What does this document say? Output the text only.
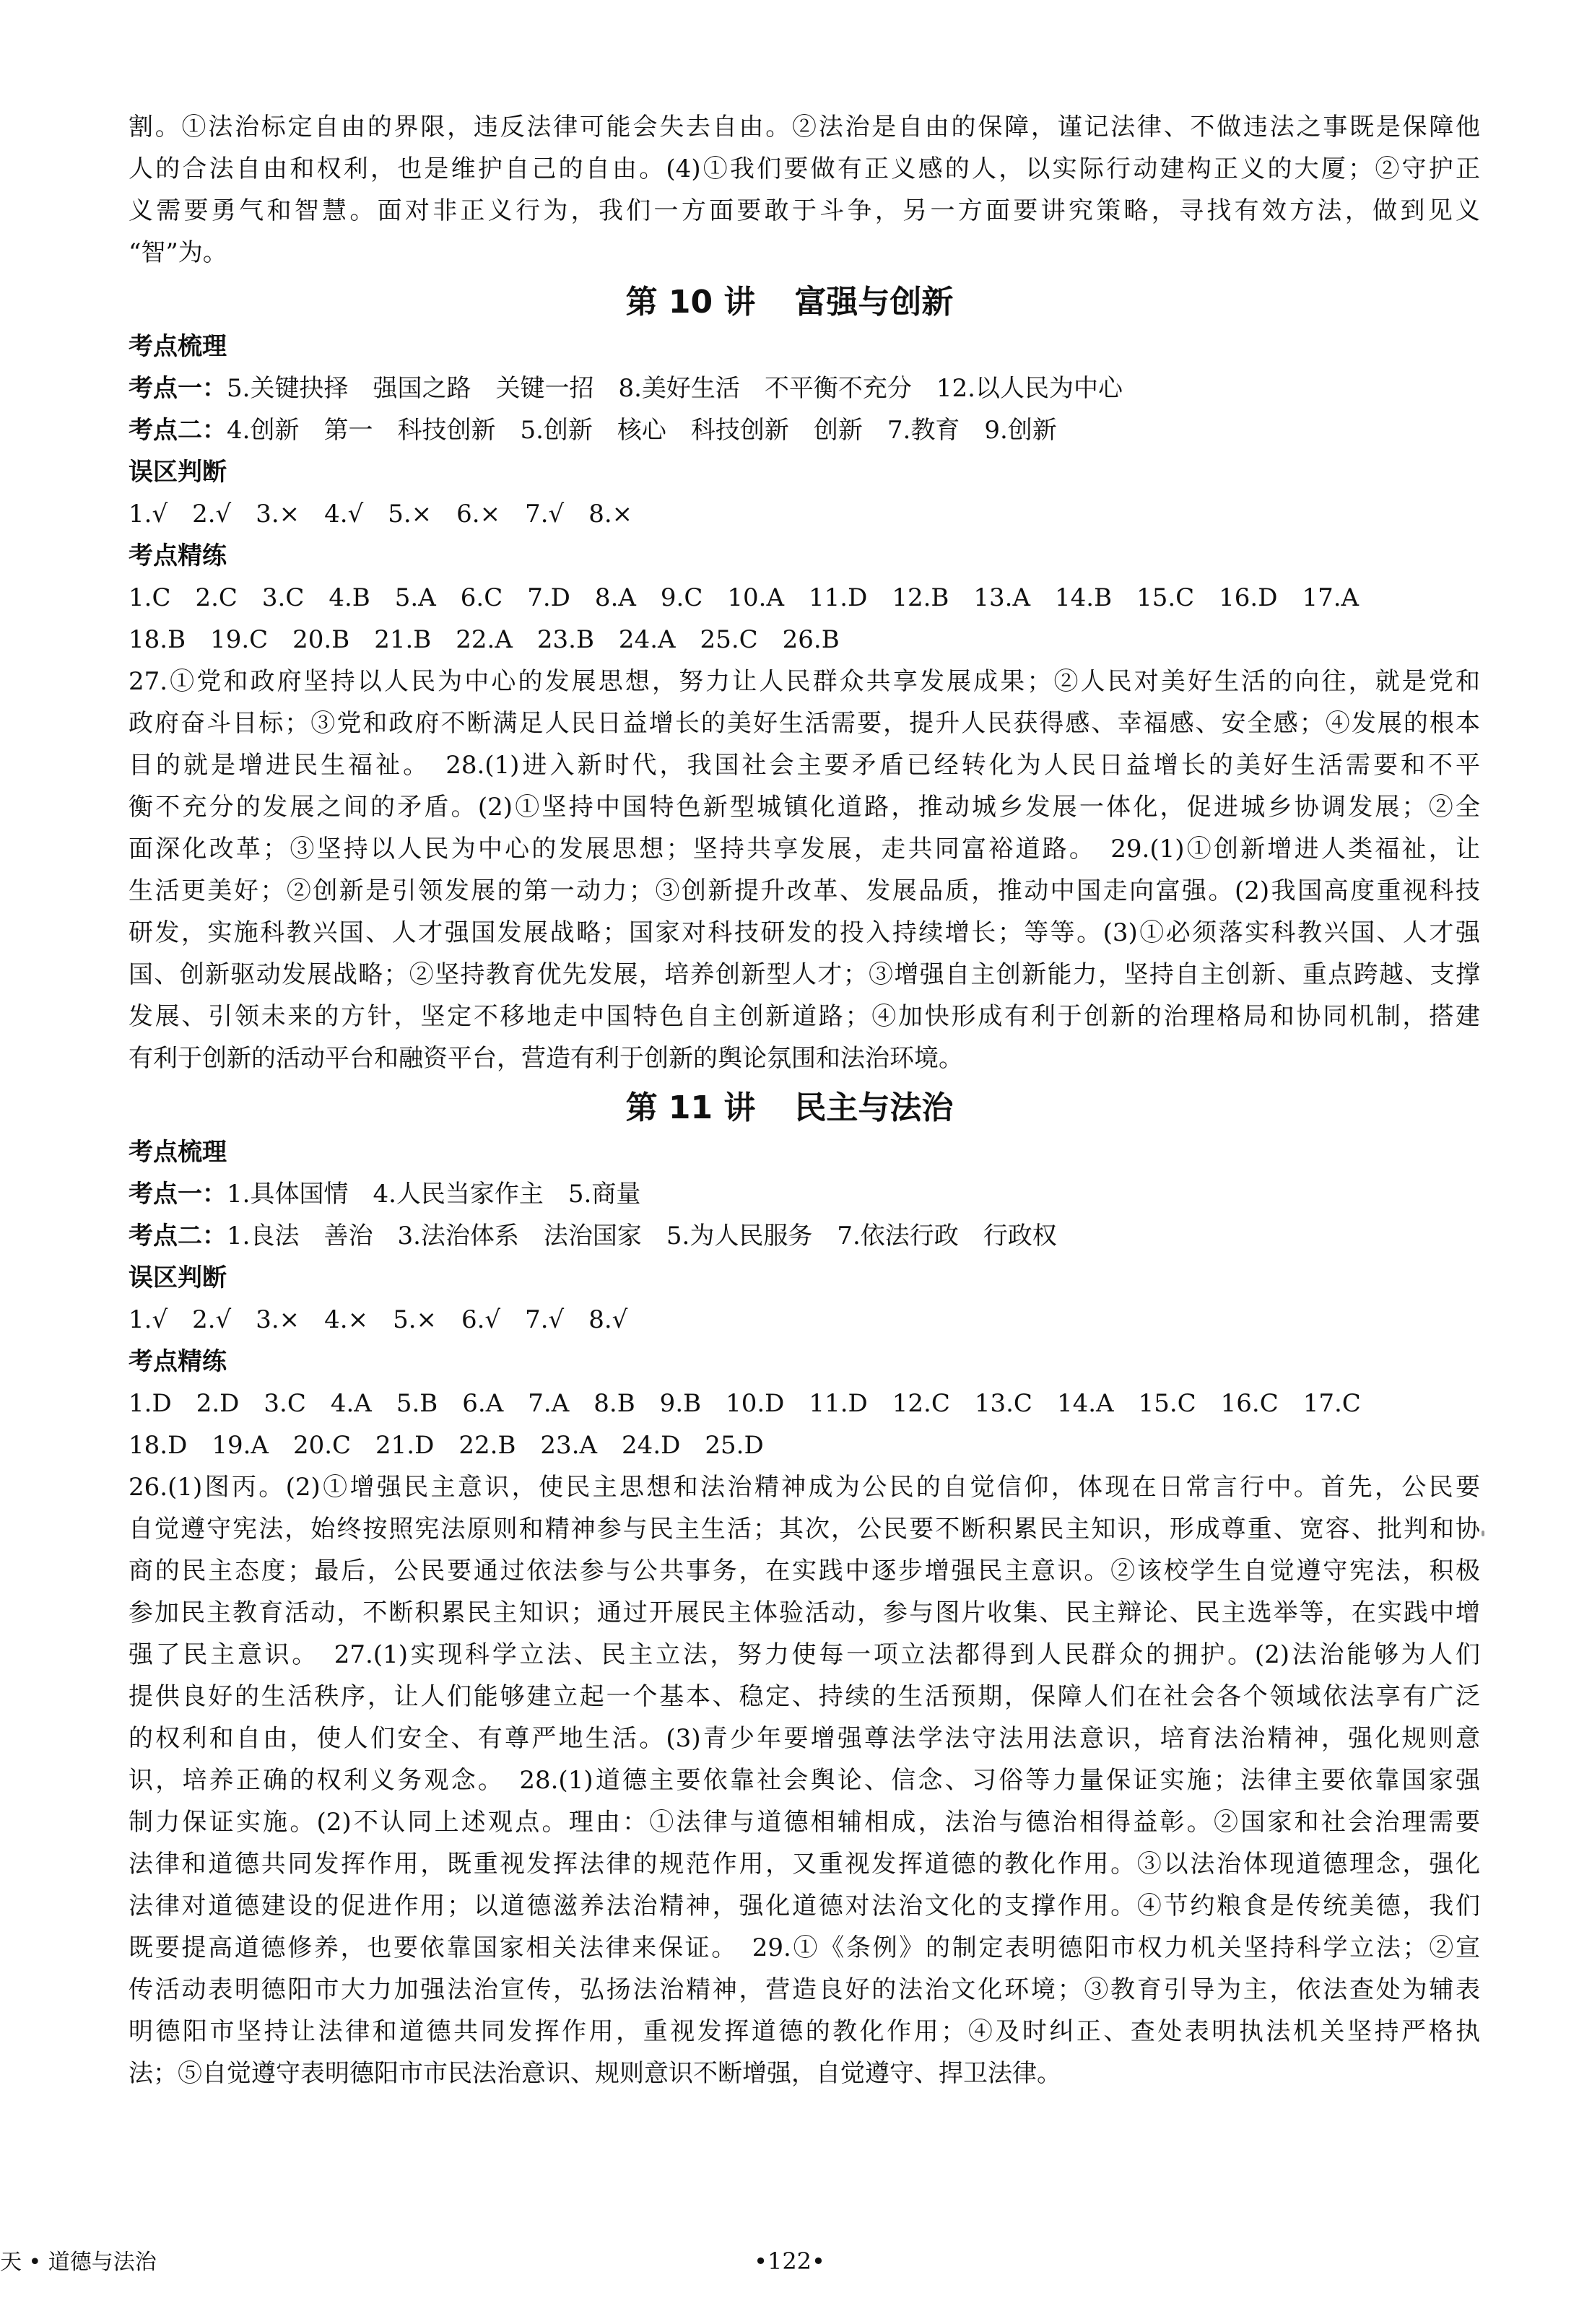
割。①法治标定自由的界限，违反法律可能会失去自由。②法治是自由的保障，谨记法律、不做违法之事既是保障他
人的合法自由和权利，也是维护自己的自由。(4)①我们要做有正义感的人，以实际行动建构正义的大厦；②守护正
义需要勇气和智慧。面对非正义行为，我们一方面要敢于斗争，另一方面要讲究策略，寻找有效方法，做到见义
“智”为。
第 10 讲 富强与创新
考点梳理
考点一：5.关键抉择　强国之路　关键一招　8.美好生活　不平衡不充分　12.以人民为中心
考点二：4.创新　第一　科技创新　5.创新　核心　科技创新　创新　7.教育　9.创新
误区判断
1.√　2.√　3.×　4.√　5.×　6.×　7.√　8.×
考点精练
1.C　2.C　3.C　4.B　5.A　6.C　7.D　8.A　9.C　10.A　11.D　12.B　13.A　14.B　15.C　16.D　17.A
18.B　19.C　20.B　21.B　22.A　23.B　24.A　25.C　26.B
27.①党和政府坚持以人民为中心的发展思想，努力让人民群众共享发展成果；②人民对美好生活的向往，就是党和
政府奋斗目标；③党和政府不断满足人民日益增长的美好生活需要，提升人民获得感、幸福感、安全感；④发展的根本
目的就是增进民生福祉。　28.(1)进入新时代，我国社会主要矛盾已经转化为人民日益增长的美好生活需要和不平
衡不充分的发展之间的矛盾。(2)①坚持中国特色新型城镇化道路，推动城乡发展一体化，促进城乡协调发展；②全
面深化改革；③坚持以人民为中心的发展思想；坚持共享发展，走共同富裕道路。　29.(1)①创新增进人类福祉，让
生活更美好；②创新是引领发展的第一动力；③创新提升改革、发展品质，推动中国走向富强。(2)我国高度重视科技
研发，实施科教兴国、人才强国发展战略；国家对科技研发的投入持续增长；等等。(3)①必须落实科教兴国、人才强
国、创新驱动发展战略；②坚持教育优先发展，培养创新型人才；③增强自主创新能力，坚持自主创新、重点跨越、支撑
发展、引领未来的方针，坚定不移地走中国特色自主创新道路；④加快形成有利于创新的治理格局和协同机制，搭建
有利于创新的活动平台和融资平台，营造有利于创新的舆论氛围和法治环境。
第 11 讲 民主与法治
考点梳理
考点一：1.具体国情　4.人民当家作主　5.商量
考点二：1.良法　善治　3.法治体系　法治国家　5.为人民服务　7.依法行政　行政权
误区判断
1.√　2.√　3.×　4.×　5.×　6.√　7.√　8.√
考点精练
1.D　2.D　3.C　4.A　5.B　6.A　7.A　8.B　9.B　10.D　11.D　12.C　13.C　14.A　15.C　16.C　17.C
18.D　19.A　20.C　21.D　22.B　23.A　24.D　25.D
26.(1)图丙。(2)①增强民主意识，使民主思想和法治精神成为公民的自觉信仰，体现在日常言行中。首先，公民要
自觉遵守宪法，始终按照宪法原则和精神参与民主生活；其次，公民要不断积累民主知识，形成尊重、宽容、批判和协
商的民主态度；最后，公民要通过依法参与公共事务，在实践中逐步增强民主意识。②该校学生自觉遵守宪法，积极
参加民主教育活动，不断积累民主知识；通过开展民主体验活动，参与图片收集、民主辩论、民主选举等，在实践中增
强了民主意识。　27.(1)实现科学立法、民主立法，努力使每一项立法都得到人民群众的拥护。(2)法治能够为人们
提供良好的生活秩序，让人们能够建立起一个基本、稳定、持续的生活预期，保障人们在社会各个领域依法享有广泛
的权利和自由，使人们安全、有尊严地生活。(3)青少年要增强尊法学法守法用法意识，培育法治精神，强化规则意
识，培养正确的权利义务观念。　28.(1)道德主要依靠社会舆论、信念、习俗等力量保证实施；法律主要依靠国家强
制力保证实施。(2)不认同上述观点。理由：①法律与道德相辅相成，法治与德治相得益彰。②国家和社会治理需要
法律和道德共同发挥作用，既重视发挥法律的规范作用，又重视发挥道德的教化作用。③以法治体现道德理念，强化
法律对道德建设的促进作用；以道德滋养法治精神，强化道德对法治文化的支撑作用。④节约粮食是传统美德，我们
既要提高道德修养，也要依靠国家相关法律来保证。　29.①《条例》的制定表明德阳市权力机关坚持科学立法；②宣
传活动表明德阳市大力加强法治宣传，弘扬法治精神，营造良好的法治文化环境；③教育引导为主，依法查处为辅表
明德阳市坚持让法律和道德共同发挥作用，重视发挥道德的教化作用；④及时纠正、查处表明执法机关坚持严格执
法；⑤自觉遵守表明德阳市市民法治意识、规则意识不断增强，自觉遵守、捍卫法律。
天 • 道德与法治	•122•
